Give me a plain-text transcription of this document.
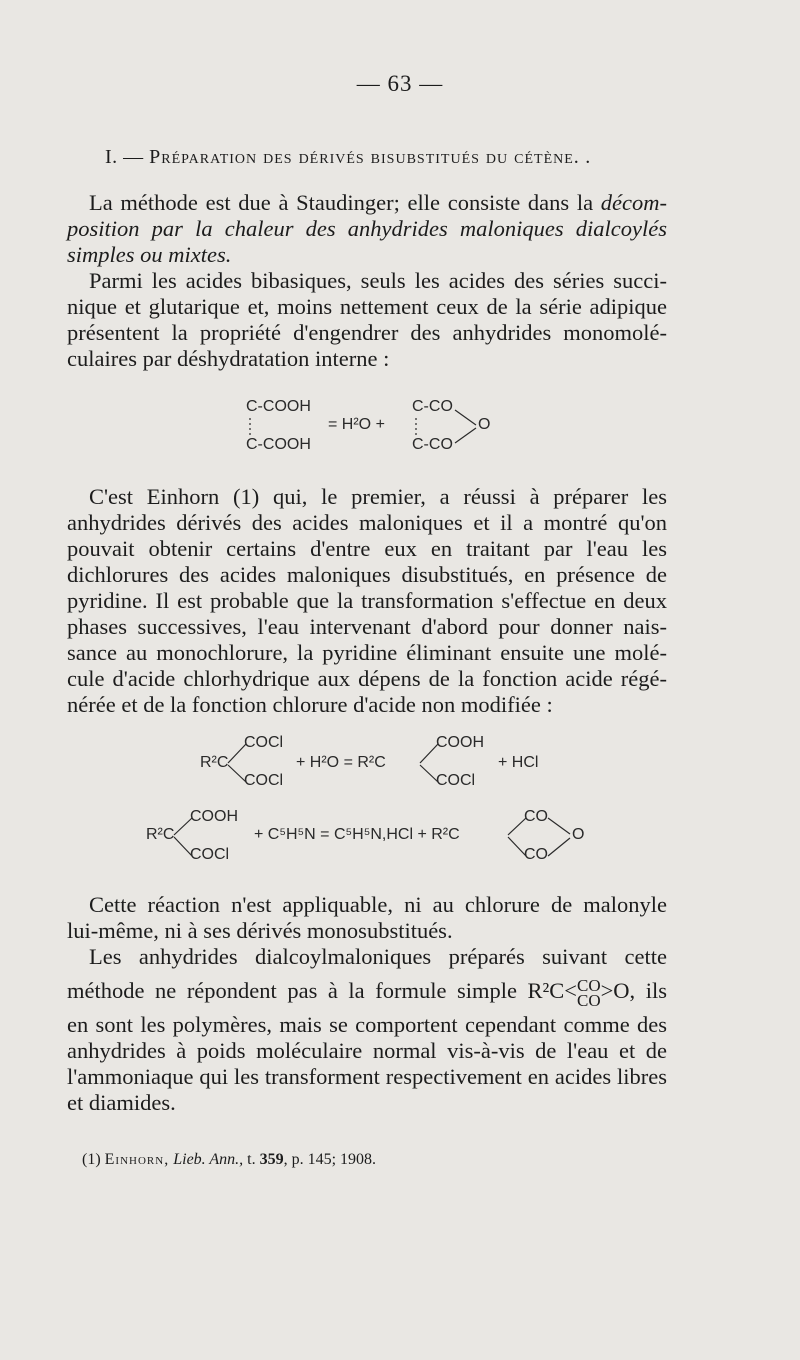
— 63 —
I. — Préparation des dérivés bisubstitués du cétène. .
La méthode est due à Staudinger; elle consiste dans la décom-
position par la chaleur des anhydrides maloniques dialcoylés
simples ou mixtes.
Parmi les acides bibasiques, seuls les acides des séries succi-
nique et glutarique et, moins nettement ceux de la série adipique
présentent la propriété d'engendrer des anhydrides monomolé-
culaires par déshydratation interne :
C-COOH
C-COOH
= H²O +
C-CO
C-CO
O
C'est Einhorn (1) qui, le premier, a réussi à préparer les
anhydrides dérivés des acides maloniques et il a montré qu'on
pouvait obtenir certains d'entre eux en traitant par l'eau les
dichlorures des acides maloniques disubstitués, en présence de
pyridine. Il est probable que la transformation s'effectue en deux
phases successives, l'eau intervenant d'abord pour donner nais-
sance au monochlorure, la pyridine éliminant ensuite une molé-
cule d'acide chlorhydrique aux dépens de la fonction acide régé-
nérée et de la fonction chlorure d'acide non modifiée :
R²C
COCl
COCl
+ H²O = R²C
COOH
COCl
+ HCl
R²C
COOH
COCl
+ C⁵H⁵N = C⁵H⁵N,HCl + R²C
CO
CO
O
Cette réaction n'est appliquable, ni au chlorure de malonyle
lui-même, ni à ses dérivés monosubstitués.
Les anhydrides dialcoylmaloniques préparés suivant cette
méthode ne répondent pas à la formule simple R²C<CO
CO>O, ils
en sont les polymères, mais se comportent cependant comme des
anhydrides à poids moléculaire normal vis-à-vis de l'eau et de
l'ammoniaque qui les transforment respectivement en acides libres
et diamides.
(1) Einhorn, Lieb. Ann., t. 359, p. 145; 1908.
